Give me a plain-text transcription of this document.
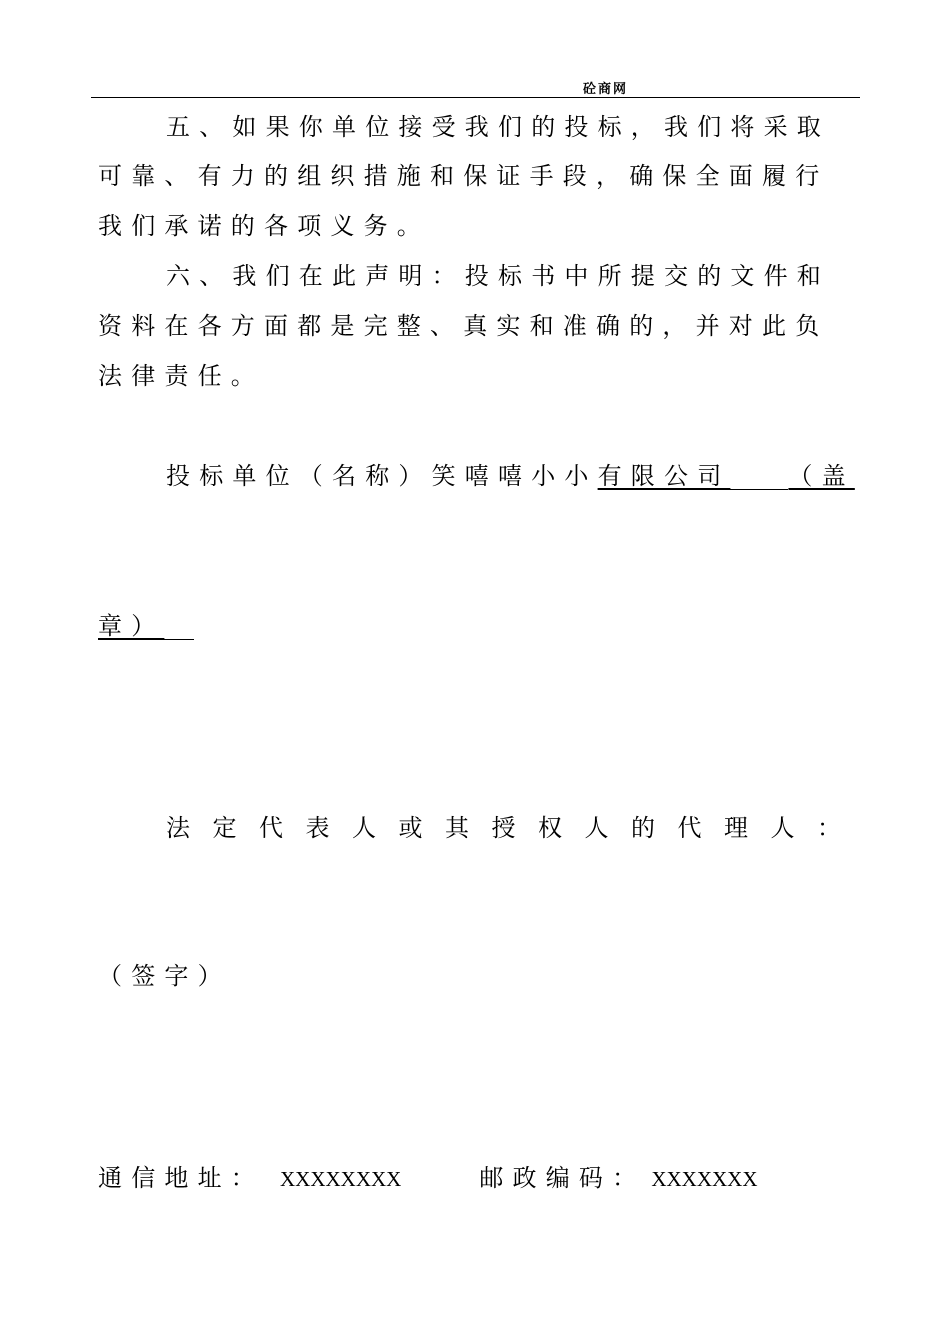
砼商网
五、如果你单位接受我们的投标，我们将采取
可靠、有力的组织措施和保证手段，确保全面履行
我们承诺的各项义务。
六、我们在此声明：投标书中所提交的文件和
资料在各方面都是完整、真实和准确的，并对此负
法律责任。
投标单位（名称）笑嘻嘻小小有限公司 （盖
章）
法定代表人或其授权人的代理人：
（签字）
通信地址： XXXXXXXX	邮政编码： XXXXXXX
